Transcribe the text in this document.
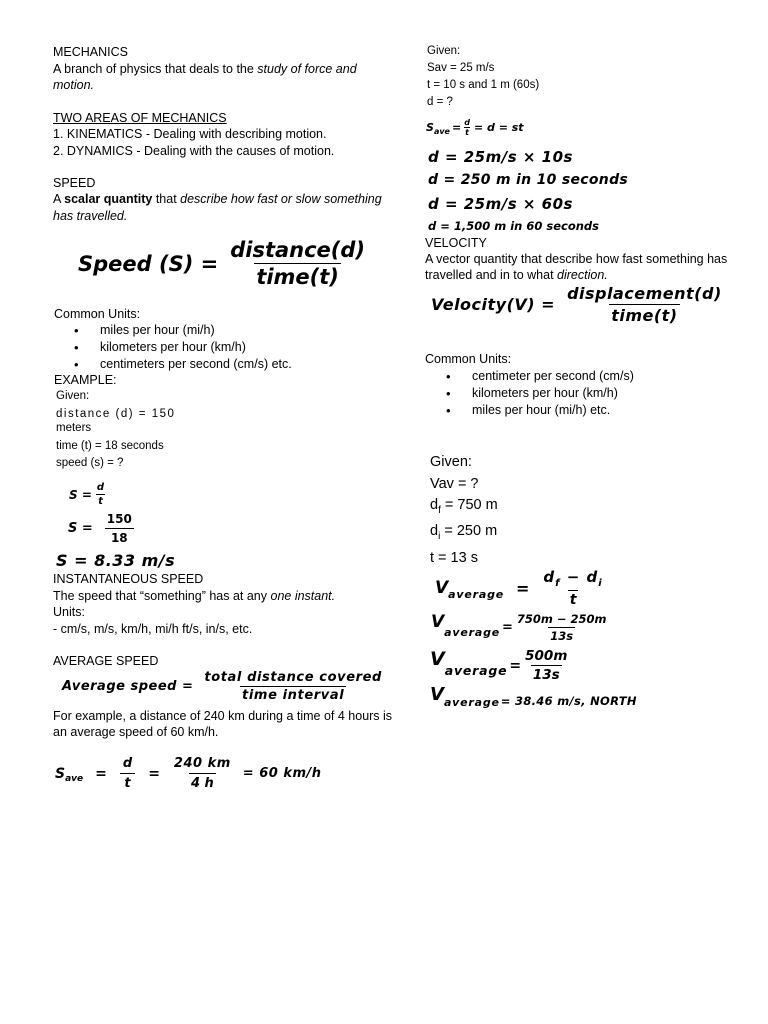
MECHANICS
A branch of physics that deals to the study of force and
motion.
TWO AREAS OF MECHANICS
1. KINEMATICS - Dealing with describing motion.
2. DYNAMICS - Dealing with the causes of motion.
SPEED
A scalar quantity that describe how fast or slow something
has travelled.
Speed $(S) = \frac{\text{distance(d)}}{\text{time(t)}}$
Common Units:
• miles per hour (mi/h)
• kilometers per hour (km/h)
• centimeters per second (cm/s) etc.
EXAMPLE:
Given:
distance (d) = 150
meters
time (t) = 18 seconds
speed (s) = ?
$S = \frac{d}{t}$
$S = \frac{150}{18}$
S = 8.33 m/s
INSTANTANEOUS SPEED
The speed that “something” has at any one instant.
Units:
- cm/s, m/s, km/h, mi/h ft/s, in/s, etc.
AVERAGE SPEED
Average speed = $\frac{\text{total distance covered}}{\text{time interval}}$
For example, a distance of 240 km during a time of 4 hours is
an average speed of 60 km/h.
$S_{ave} = \frac{d}{t} = \frac{240 km}{4 h} = 60$ km/h
Given:
Sav = 25 m/s
t = 10 s and 1 m (60s)
d = ?
$S_{ave} = \frac{d}{t} = d$ = st
d = 25m/s × 10s
d = 250 m in 10 seconds
d = 25m/s × 60s
d = 1,500 m in 60 seconds
VELOCITY
A vector quantity that describe how fast something has
travelled and in to what direction.
Velocity(V) = $\frac{\text{displacement(d)}}{\text{time(t)}}$
Common Units:
• centimeter per second (cm/s)
• kilometers per hour (km/h)
• miles per hour (mi/h) etc.
Given:
Vav = ?
$d_f = 750$ m
$d_i = 250$ m
t = 13 s
$V_{average} = \frac{d_f - d_i}{t}$
V
$_{average} = \frac{750m - 250m}{13s}$
V
$_{average} = \frac{500m}{13s}$
$V_{average} = 38.46$ m/s, NORTH
